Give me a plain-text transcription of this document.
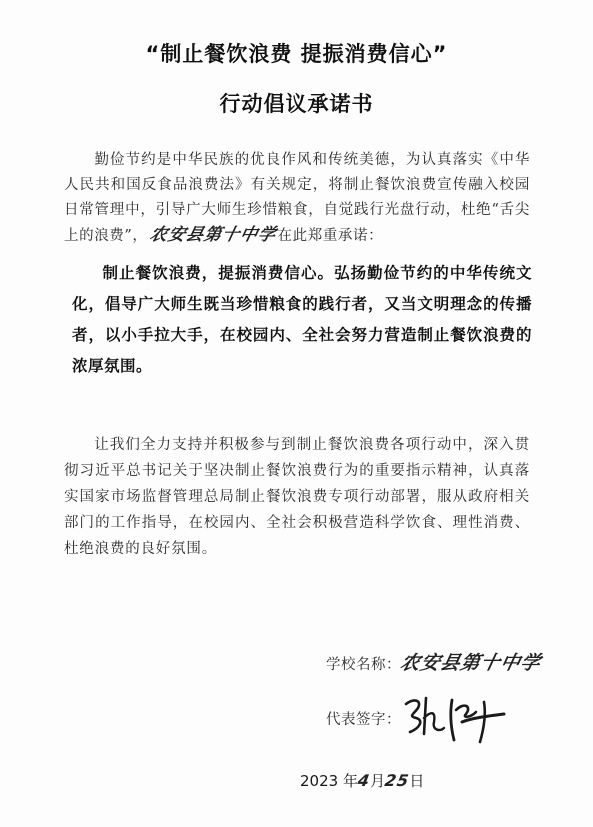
“制止餐饮浪费 提振消费信心”
行动倡议承诺书

勤俭节约是中华民族的优良作风和传统美德，为认真落实《中华人民共和国反食品浪费法》有关规定，将制止餐饮浪费宣传融入校园日常管理中，引导广大师生珍惜粮食，自觉践行光盘行动，杜绝“舌尖上的浪费”，农安县第十中学在此郑重承诺：

制止餐饮浪费，提振消费信心。弘扬勤俭节约的中华传统文化，倡导广大师生既当珍惜粮食的践行者，又当文明理念的传播者，以小手拉大手，在校园内、全社会努力营造制止餐饮浪费的浓厚氛围。

让我们全力支持并积极参与到制止餐饮浪费各项行动中，深入贯彻习近平总书记关于坚决制止餐饮浪费行为的重要指示精神，认真落实国家市场监督管理总局制止餐饮浪费专项行动部署，服从政府相关部门的工作指导，在校园内、全社会积极营造科学饮食、理性消费、杜绝浪费的良好氛围。

学校名称：农安县第十中学
代表签字：
2023 年4月25日
